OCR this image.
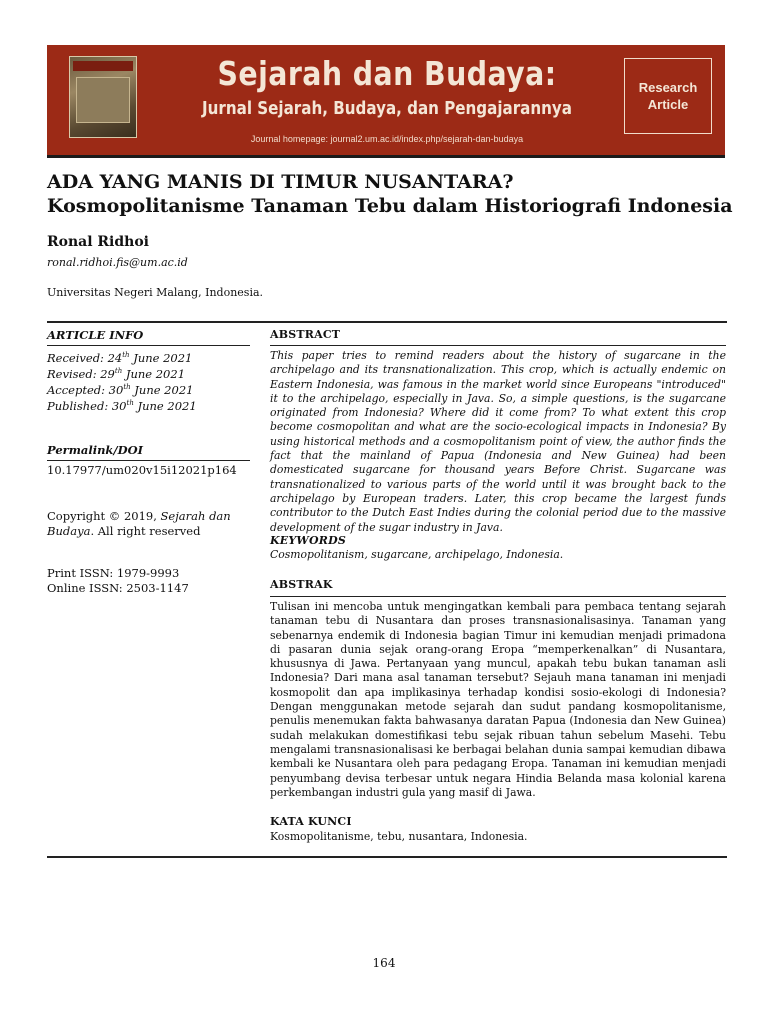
Sejarah dan Budaya:
Jurnal Sejarah, Budaya, dan Pengajarannya
Journal homepage: journal2.um.ac.id/index.php/sejarah-dan-budaya
Research
Article
ADA YANG MANIS DI TIMUR NUSANTARA?
Kosmopolitanisme Tanaman Tebu dalam Historiografi Indonesia
Ronal Ridhoi
ronal.ridhoi.fis@um.ac.id
Universitas Negeri Malang, Indonesia.
ARTICLE INFO
Received: 24th June 2021
Revised: 29th June 2021
Accepted: 30th June 2021
Published: 30th June 2021
Permalink/DOI
10.17977/um020v15i12021p164
Copyright © 2019, Sejarah dan Budaya. All right reserved
Print ISSN: 1979-9993
Online ISSN: 2503-1147
ABSTRACT

This paper tries to remind readers about the history of sugarcane in the archipelago and its transnationalization. This crop, which is actually endemic on Eastern Indonesia, was famous in the market world since Europeans "introduced" it to the archipelago, especially in Java. So, a simple questions, is the sugarcane originated from Indonesia? Where did it come from? To what extent this crop become cosmopolitan and what are the socio-ecological impacts in Indonesia? By using historical methods and a cosmopolitanism point of view, the author finds the fact that the mainland of Papua (Indonesia and New Guinea) had been domesticated sugarcane for thousand years Before Christ. Sugarcane was transnationalized to various parts of the world until it was brought back to the archipelago by European traders. Later, this crop became the largest funds contributor to the Dutch East Indies during the colonial period due to the massive development of the sugar industry in Java.

KEYWORDS
Cosmopolitanism, sugarcane, archipelago, Indonesia.
ABSTRAK

Tulisan ini mencoba untuk mengingatkan kembali para pembaca tentang sejarah tanaman tebu di Nusantara dan proses transnasionalisasinya. Tanaman yang sebenarnya endemik di Indonesia bagian Timur ini kemudian menjadi primadona di pasaran dunia sejak orang-orang Eropa “memperkenalkan” di Nusantara, khususnya di Jawa. Pertanyaan yang muncul, apakah tebu bukan tanaman asli Indonesia? Dari mana asal tanaman tersebut? Sejauh mana tanaman ini menjadi kosmopolit dan apa implikasinya terhadap kondisi sosio-ekologi di Indonesia? Dengan menggunakan metode sejarah dan sudut pandang kosmopolitanisme, penulis menemukan fakta bahwasanya daratan Papua (Indonesia dan New Guinea) sudah melakukan domestifikasi tebu sejak ribuan tahun sebelum Masehi. Tebu mengalami transnasionalisasi ke berbagai belahan dunia sampai kemudian dibawa kembali ke Nusantara oleh para pedagang Eropa. Tanaman ini kemudian menjadi penyumbang devisa terbesar untuk negara Hindia Belanda masa kolonial karena perkembangan industri gula yang masif di Jawa.

KATA KUNCI
Kosmopolitanisme, tebu, nusantara, Indonesia.
164
